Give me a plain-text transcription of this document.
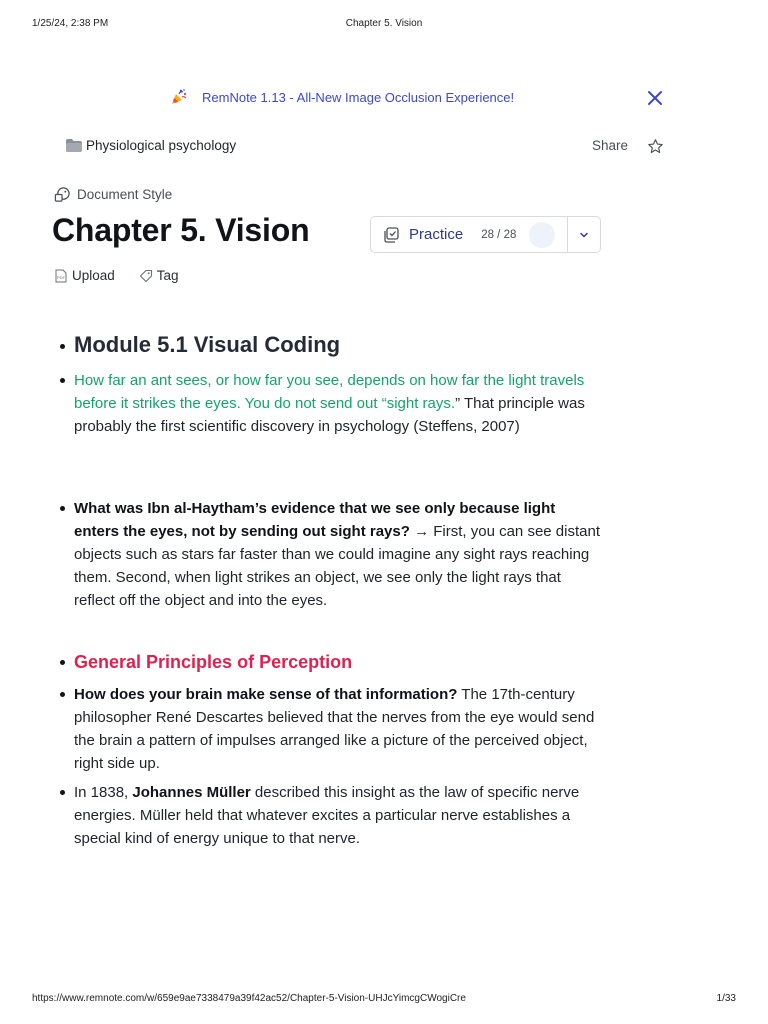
1/25/24, 2:38 PM	Chapter 5. Vision
RemNote 1.13 - All-New Image Occlusion Experience!
Physiological psychology	Share
Document Style
Chapter 5. Vision	Practice 28 / 28
PDF Upload	Tag
Module 5.1 Visual Coding
How far an ant sees, or how far you see, depends on how far the light travels before it strikes the eyes. You do not send out “sight rays.” That principle was probably the first scientific discovery in psychology (Steffens, 2007)
What was Ibn al-Haytham’s evidence that we see only because light enters the eyes, not by sending out sight rays? → First, you can see distant objects such as stars far faster than we could imagine any sight rays reaching them. Second, when light strikes an object, we see only the light rays that reflect off the object and into the eyes.
General Principles of Perception
How does your brain make sense of that information? The 17th-century philosopher René Descartes believed that the nerves from the eye would send the brain a pattern of impulses arranged like a picture of the perceived object, right side up.
In 1838, Johannes Müller described this insight as the law of specific nerve energies. Müller held that whatever excites a particular nerve establishes a special kind of energy unique to that nerve.
https://www.remnote.com/w/659e9ae7338479a39f42ac52/Chapter-5-Vision-UHJcYimcgCWogiCre	1/33
